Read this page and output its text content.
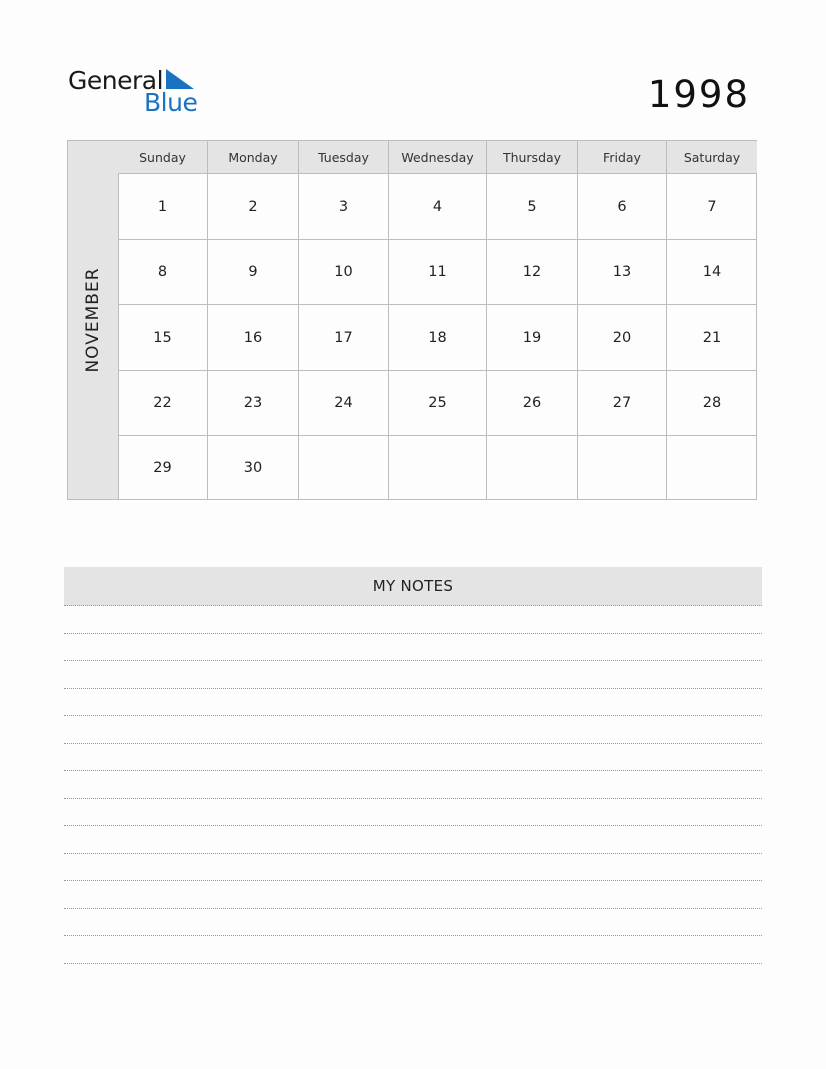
General
Blue	1998
NOVEMBER
Sunday	Monday	Tuesday	Wednesday	Thursday	Friday	Saturday
1	2	3	4	5	6	7
8	9	10	11	12	13	14
15	16	17	18	19	20	21
22	23	24	25	26	27	28
29	30
MY NOTES
